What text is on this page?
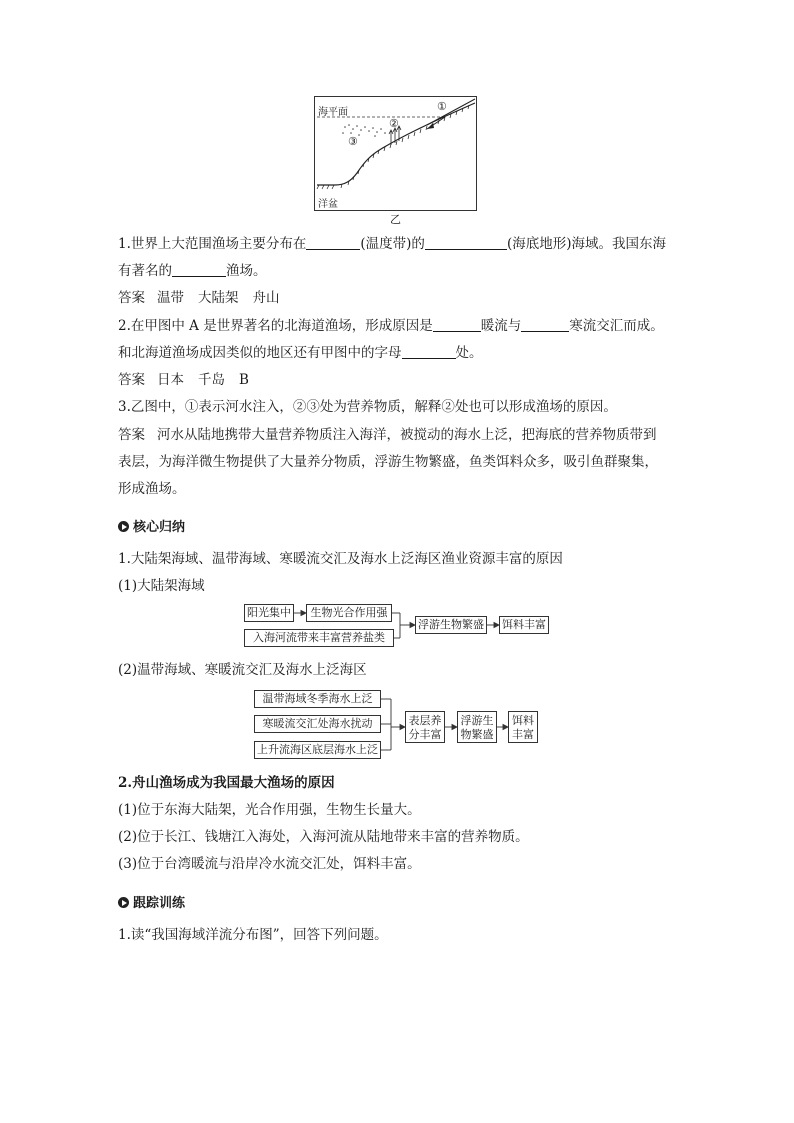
海平面
洋盆
①
②
③
乙
1.世界上大范围渔场主要分布在	(温度带)的	(海底地形)海域。我国东海
有著名的	渔场。
答案 温带 大陆架 舟山
2.在甲图中 A 是世界著名的北海道渔场，形成原因是	暖流与	寒流交汇而成。
和北海道渔场成因类似的地区还有甲图中的字母	处。
答案 日本 千岛 B
3.乙图中，①表示河水注入，②③处为营养物质，解释②处也可以形成渔场的原因。
答案 河水从陆地携带大量营养物质注入海洋，被搅动的海水上泛，把海底的营养物质带到
表层，为海洋微生物提供了大量养分物质，浮游生物繁盛，鱼类饵料众多，吸引鱼群聚集，
形成渔场。
核心归纳
1.大陆架海域、温带海域、寒暖流交汇及海水上泛海区渔业资源丰富的原因
(1)大陆架海域
阳光集中	生物光合作用强
入海河流带来丰富营养盐类
浮游生物繁盛 饵料丰富
(2)温带海域、寒暖流交汇及海水上泛海区
温带海域冬季海水上泛
寒暖流交汇处海水扰动
上升流海区底层海水上泛
表层养
分丰富
浮游生
物繁盛
饵料
丰富
2.舟山渔场成为我国最大渔场的原因
(1)位于东海大陆架，光合作用强，生物生长量大。
(2)位于长江、钱塘江入海处，入海河流从陆地带来丰富的营养物质。
(3)位于台湾暖流与沿岸冷水流交汇处，饵料丰富。
跟踪训练
1.读“我国海域洋流分布图”，回答下列问题。
